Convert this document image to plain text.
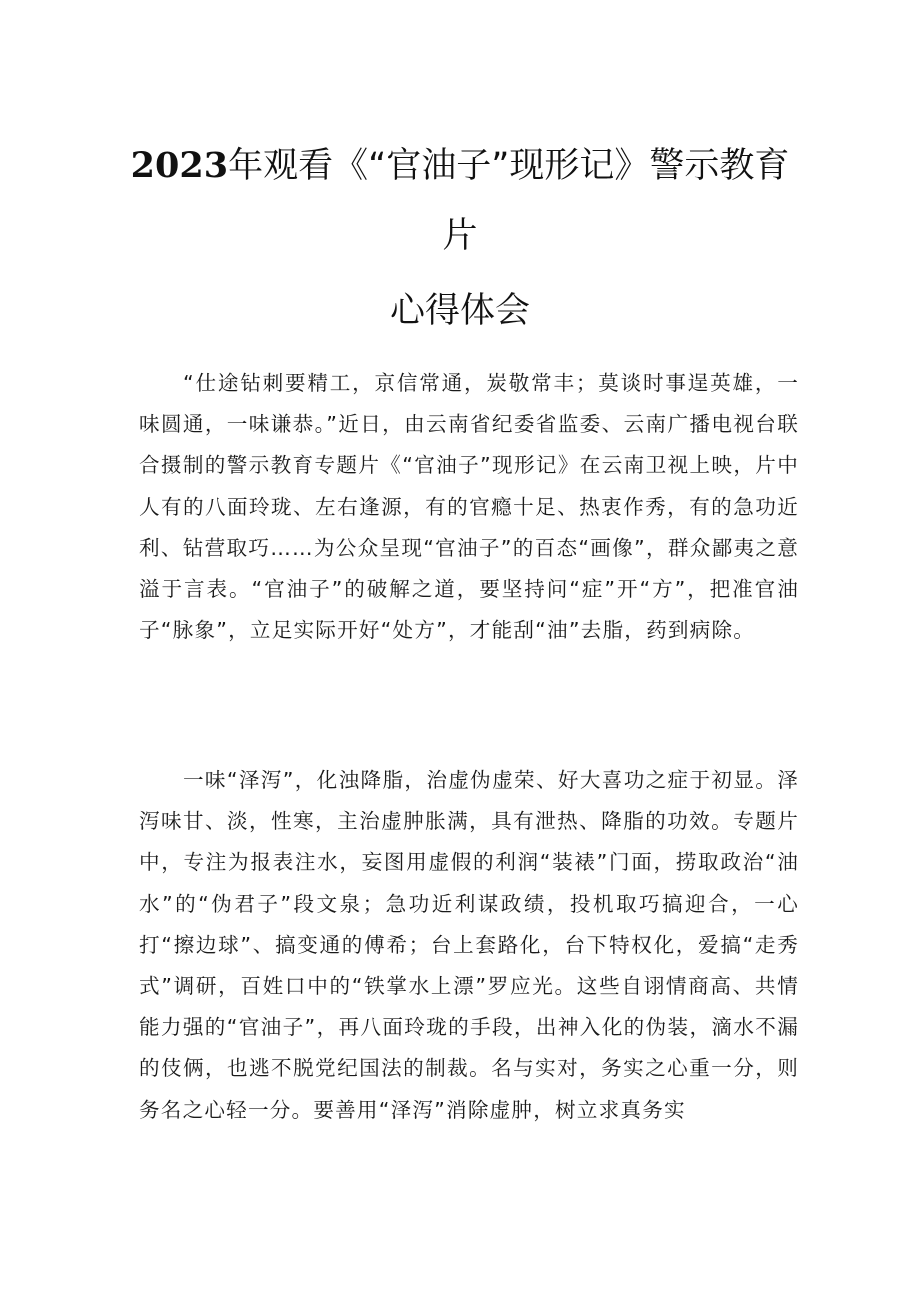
2023年观看《“官油子”现形记》警示教育
片
心得体会
“仕途钻刺要精工，京信常通，炭敬常丰；莫谈时事逞英雄，一味圆通，一味谦恭。”近日，由云南省纪委省监委、云南广播电视台联合摄制的警示教育专题片《“官油子”现形记》在云南卫视上映，片中人有的八面玲珑、左右逢源，有的官瘾十足、热衷作秀，有的急功近利、钻营取巧……为公众呈现“官油子”的百态“画像”，群众鄙夷之意溢于言表。“官油子”的破解之道，要坚持问“症”开“方”，把准官油子“脉象”，立足实际开好“处方”，才能刮“油”去脂，药到病除。
一味“泽泻”，化浊降脂，治虚伪虚荣、好大喜功之症于初显。泽泻味甘、淡，性寒，主治虚肿胀满，具有泄热、降脂的功效。专题片中，专注为报表注水，妄图用虚假的利润“装裱”门面，捞取政治“油水”的“伪君子”段文泉；急功近利谋政绩，投机取巧搞迎合，一心打“擦边球”、搞变通的傅希；台上套路化，台下特权化，爱搞“走秀式”调研，百姓口中的“铁掌水上漂”罗应光。这些自诩情商高、共情能力强的“官油子”，再八面玲珑的手段，出神入化的伪装，滴水不漏的伎俩，也逃不脱党纪国法的制裁。名与实对，务实之心重一分，则务名之心轻一分。要善用“泽泻”消除虚肿，树立求真务实
